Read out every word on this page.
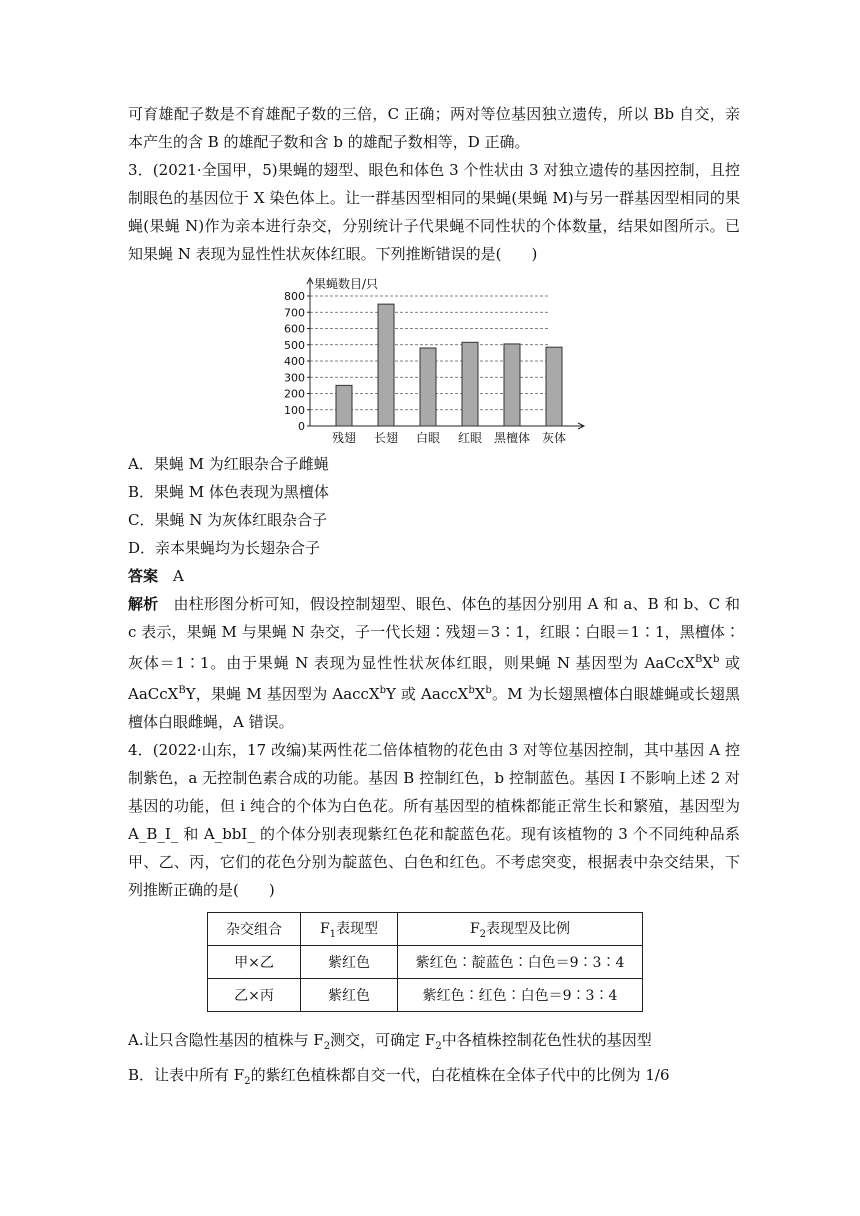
可育雄配子数是不育雄配子数的三倍，C 正确；两对等位基因独立遗传，所以 Bb 自交，亲本产生的含 B 的雄配子数和含 b 的雄配子数相等，D 正确。

3．(2021·全国甲，5)果蝇的翅型、眼色和体色 3 个性状由 3 对独立遗传的基因控制，且控制眼色的基因位于 X 染色体上。让一群基因型相同的果蝇(果蝇 M)与另一群基因型相同的果蝇(果蝇 N)作为亲本进行杂交，分别统计子代果蝇不同性状的个体数量，结果如图所示。已知果蝇 N 表现为显性性状灰体红眼。下列推断错误的是(　　)

0
100
200
300
400
500
600
700
800
果蝇数目/只
残翅 长翅 白眼 红眼 黑檀体 灰体

A．果蝇 M 为红眼杂合子雌蝇

B．果蝇 M 体色表现为黑檀体

C．果蝇 N 为灰体红眼杂合子

D．亲本果蝇均为长翅杂合子

答案　 A

解析　 由柱形图分析可知，假设控制翅型、眼色、体色的基因分别用 A 和 a、B 和 b、C 和 c 表示，果蝇 M 与果蝇 N 杂交，子一代长翅∶残翅＝3∶1，红眼∶白眼＝1∶1，黑檀体∶灰体＝1∶1。由于果蝇 N 表现为显性性状灰体红眼，则果蝇 N 基因型为 $AaCcX^BX^b$ 或 AaCcX$^B$Y，果蝇 M 基因型为 AaccX$^b$Y 或 $AaccX^bX^b$。M 为长翅黑檀体白眼雄蝇或长翅黑檀体白眼雌蝇，A 错误。

4．(2022·山东，17 改编)某两性花二倍体植物的花色由 3 对等位基因控制，其中基因 A 控制紫色，a 无控制色素合成的功能。基因 B 控制红色，b 控制蓝色。基因 I 不影响上述 2 对基因的功能，但 i 纯合的个体为白色花。所有基因型的植株都能正常生长和繁殖，基因型为 A_B_I_ 和 A_bbI_ 的个体分别表现紫红色花和靛蓝色花。现有该植物的 3 个不同纯种品系甲、乙、丙，它们的花色分别为靛蓝色、白色和红色。不考虑突变，根据表中杂交结果，下列推断正确的是(　　)

杂交组合	$F_1$表现型	$F_2$表现型及比例
甲×乙	紫红色	紫红色∶靛蓝色∶白色＝9∶3∶4
乙×丙	紫红色	紫红色∶红色∶白色＝9∶3∶4

A.让只含隐性基因的植株与 $F_2$测交，可确定 $F_2$中各植株控制花色性状的基因型

B．让表中所有 $F_2$的紫红色植株都自交一代，白花植株在全体子代中的比例为 1/6
